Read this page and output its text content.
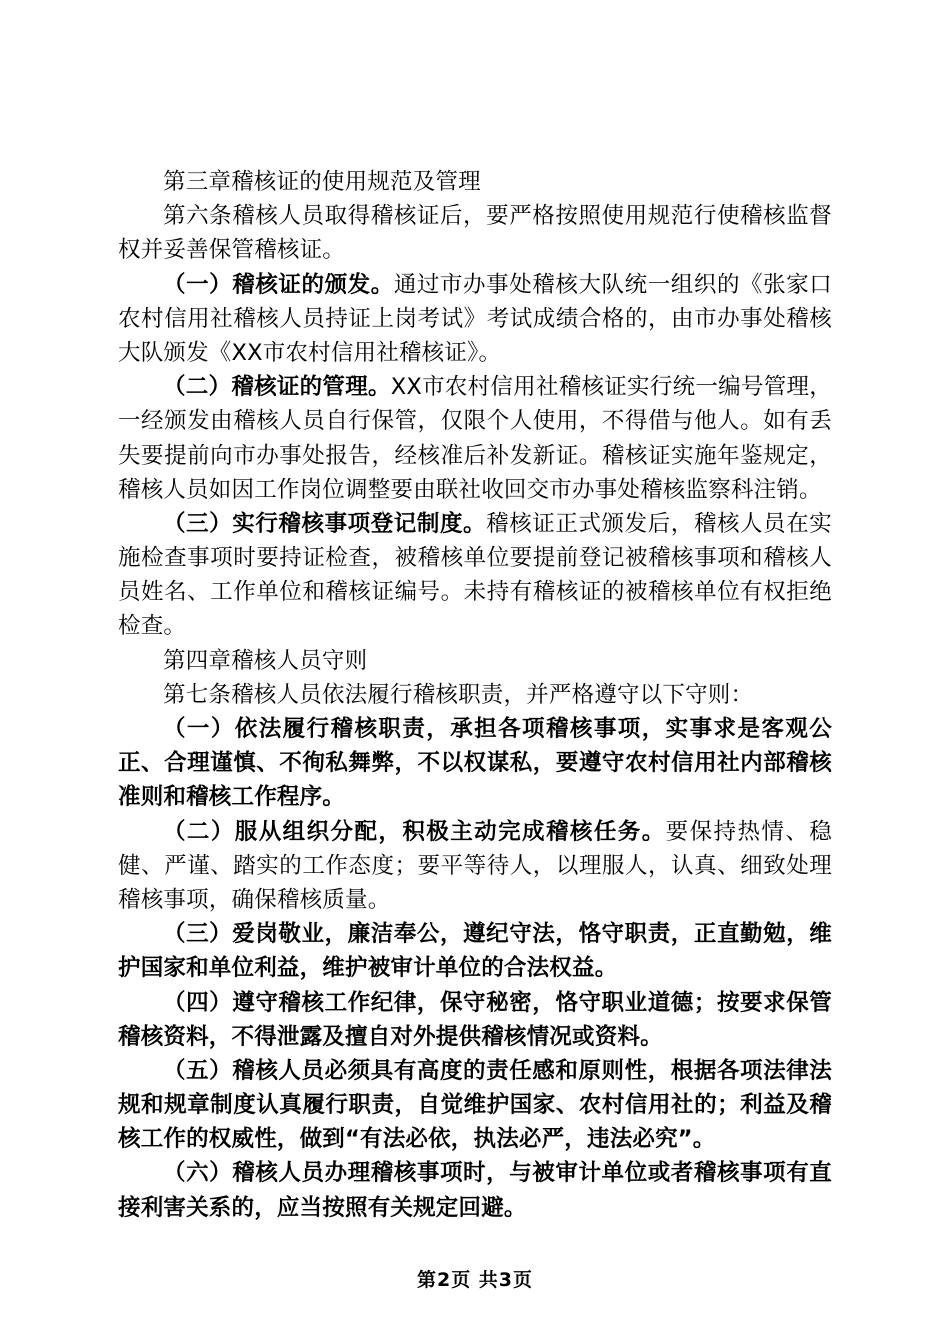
第三章稽核证的使用规范及管理

第六条稽核人员取得稽核证后，要严格按照使用规范行使稽核监督权并妥善保管稽核证。

（一）稽核证的颁发。通过市办事处稽核大队统一组织的《张家口农村信用社稽核人员持证上岗考试》考试成绩合格的，由市办事处稽核大队颁发《XX市农村信用社稽核证》。

（二）稽核证的管理。XX市农村信用社稽核证实行统一编号管理，一经颁发由稽核人员自行保管，仅限个人使用，不得借与他人。如有丢失要提前向市办事处报告，经核准后补发新证。稽核证实施年鉴规定，稽核人员如因工作岗位调整要由联社收回交市办事处稽核监察科注销。

（三）实行稽核事项登记制度。稽核证正式颁发后，稽核人员在实施检查事项时要持证检查，被稽核单位要提前登记被稽核事项和稽核人员姓名、工作单位和稽核证编号。未持有稽核证的被稽核单位有权拒绝检查。

第四章稽核人员守则

第七条稽核人员依法履行稽核职责，并严格遵守以下守则：

（一）依法履行稽核职责，承担各项稽核事项，实事求是客观公正、合理谨慎、不徇私舞弊，不以权谋私，要遵守农村信用社内部稽核准则和稽核工作程序。

（二）服从组织分配，积极主动完成稽核任务。要保持热情、稳健、严谨、踏实的工作态度；要平等待人，以理服人，认真、细致处理稽核事项，确保稽核质量。

（三）爱岗敬业，廉洁奉公，遵纪守法，恪守职责，正直勤勉，维护国家和单位利益，维护被审计单位的合法权益。

（四）遵守稽核工作纪律，保守秘密，恪守职业道德；按要求保管稽核资料，不得泄露及擅自对外提供稽核情况或资料。

（五）稽核人员必须具有高度的责任感和原则性，根据各项法律法规和规章制度认真履行职责，自觉维护国家、农村信用社的；利益及稽核工作的权威性，做到“有法必依，执法必严，违法必究”。

（六）稽核人员办理稽核事项时，与被审计单位或者稽核事项有直接利害关系的，应当按照有关规定回避。

第2页 共3页
